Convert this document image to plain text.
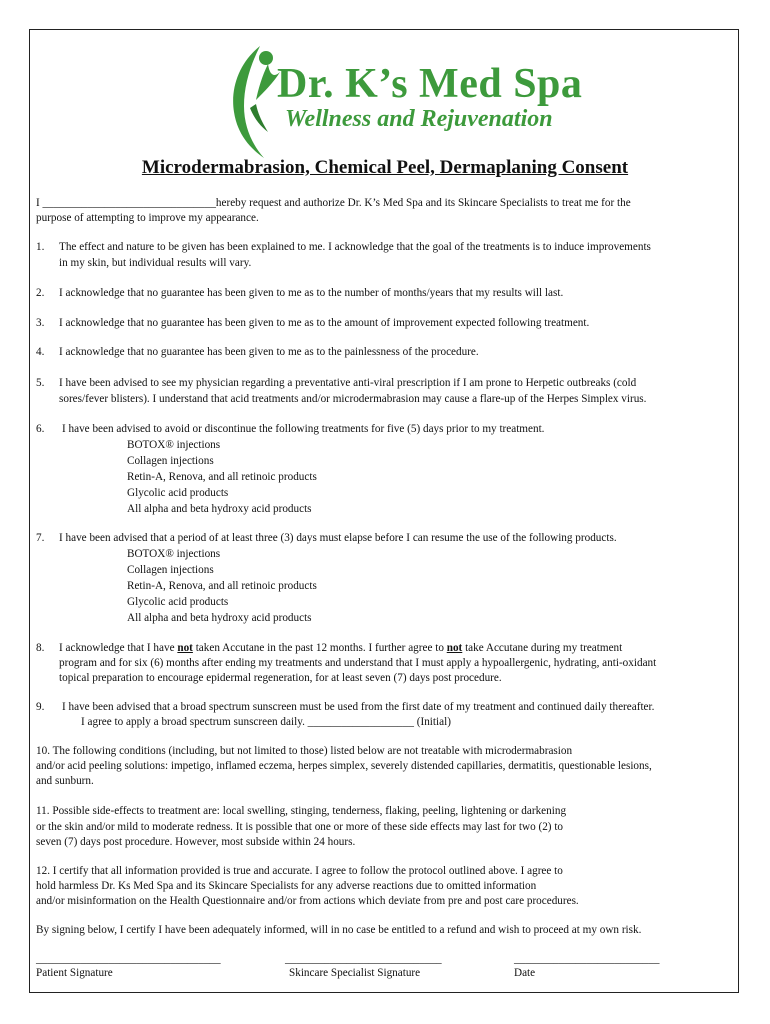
Dr. K’s Med Spa
Wellness and Rejuvenation
Microdermabrasion, Chemical Peel, Dermaplaning Consent
I _______________________________hereby request and authorize Dr. K’s Med Spa and its Skincare Specialists to treat me for the
purpose of attempting to improve my appearance.
1. The effect and nature to be given has been explained to me. I acknowledge that the goal of the treatments is to induce improvements
in my skin, but individual results will vary.
2. I acknowledge that no guarantee has been given to me as to the number of months/years that my results will last.
3. I acknowledge that no guarantee has been given to me as to the amount of improvement expected following treatment.
4. I acknowledge that no guarantee has been given to me as to the painlessness of the procedure.
5. I have been advised to see my physician regarding a preventative anti-viral prescription if I am prone to Herpetic outbreaks (cold
sores/fever blisters). I understand that acid treatments and/or microdermabrasion may cause a flare-up of the Herpes Simplex virus.
6. I have been advised to avoid or discontinue the following treatments for five (5) days prior to my treatment.
BOTOX® injections
Collagen injections
Retin-A, Renova, and all retinoic products
Glycolic acid products
All alpha and beta hydroxy acid products
7. I have been advised that a period of at least three (3) days must elapse before I can resume the use of the following products.
BOTOX® injections
Collagen injections
Retin-A, Renova, and all retinoic products
Glycolic acid products
All alpha and beta hydroxy acid products
8. I acknowledge that I have not taken Accutane in the past 12 months. I further agree to not take Accutane during my treatment
program and for six (6) months after ending my treatments and understand that I must apply a hypoallergenic, hydrating, anti-oxidant
topical preparation to encourage epidermal regeneration, for at least seven (7) days post procedure.
9. I have been advised that a broad spectrum sunscreen must be used from the first date of my treatment and continued daily thereafter.
I agree to apply a broad spectrum sunscreen daily. ___________________ (Initial)
10. The following conditions (including, but not limited to those) listed below are not treatable with microdermabrasion
and/or acid peeling solutions: impetigo, inflamed eczema, herpes simplex, severely distended capillaries, dermatitis, questionable lesions,
and sunburn.
11. Possible side-effects to treatment are: local swelling, stinging, tenderness, flaking, peeling, lightening or darkening
or the skin and/or mild to moderate redness. It is possible that one or more of these side effects may last for two (2) to
seven (7) days post procedure. However, most subside within 24 hours.
12. I certify that all information provided is true and accurate. I agree to follow the protocol outlined above. I agree to
hold harmless Dr. Ks Med Spa and its Skincare Specialists for any adverse reactions due to omitted information
and/or misinformation on the Health Questionnaire and/or from actions which deviate from pre and post care procedures.
By signing below, I certify I have been adequately informed, will in no case be entitled to a refund and wish to proceed at my own risk.
_________________________________	____________________________	__________________________
Patient Signature	Skincare Specialist Signature	Date
